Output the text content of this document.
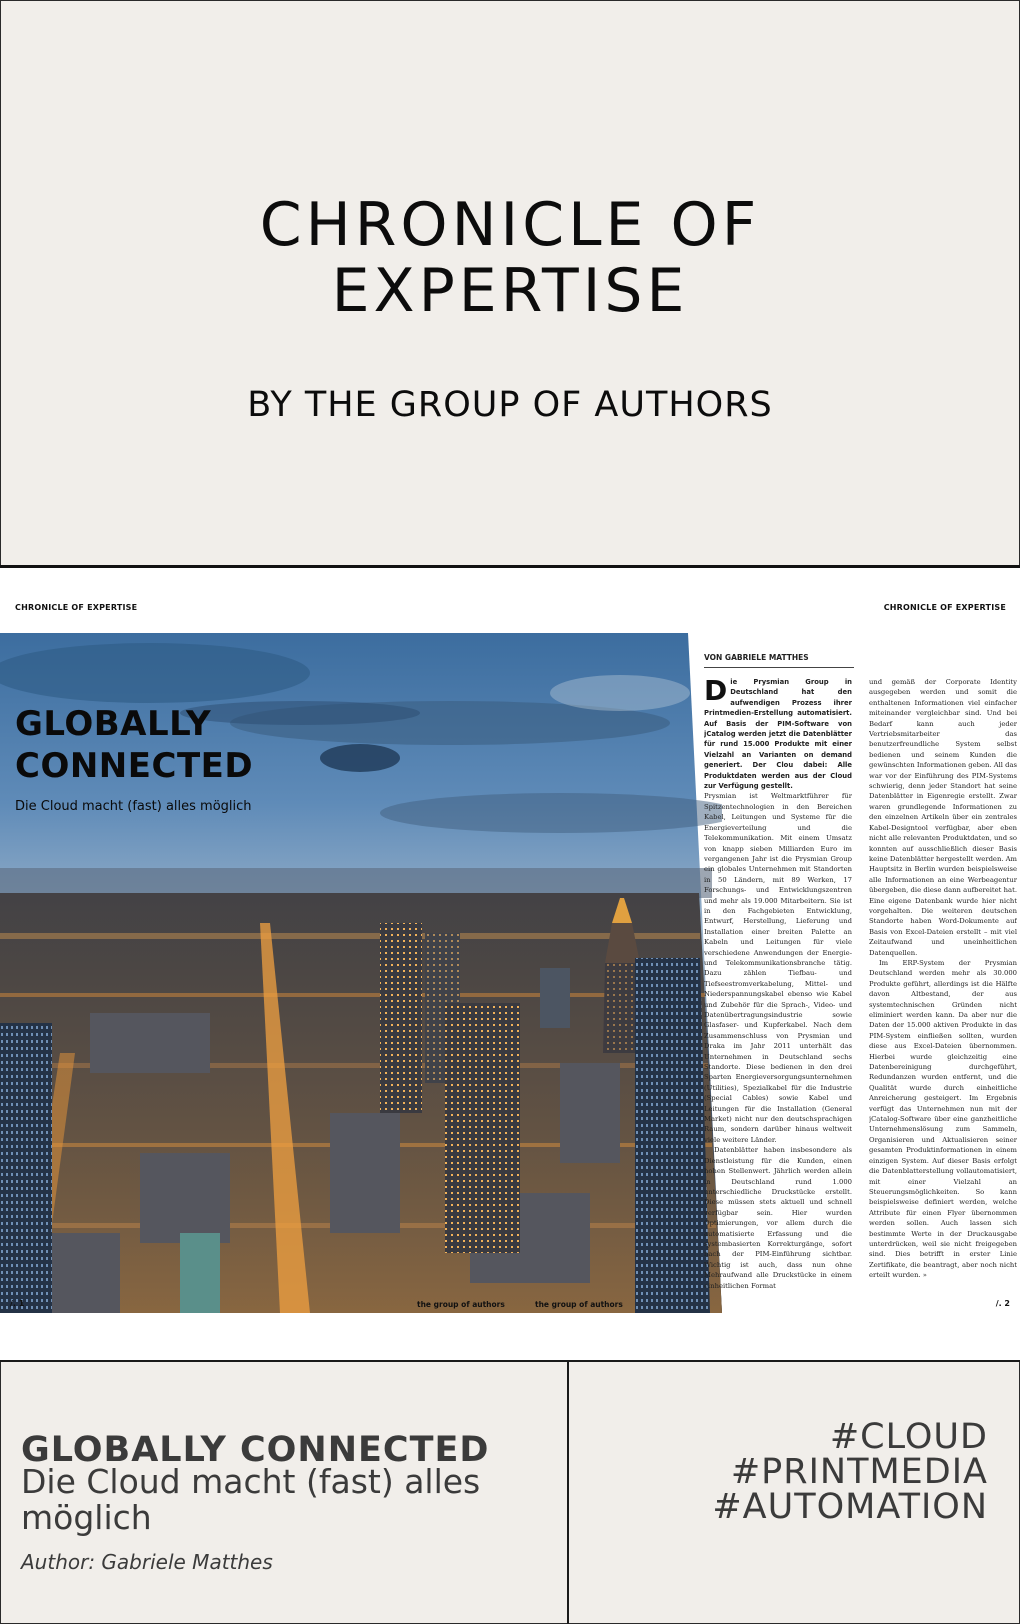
CHRONICLE OF
EXPERTISE
BY THE GROUP OF AUTHORS
CHRONICLE OF EXPERTISE	CHRONICLE OF EXPERTISE
GLOBALLY
CONNECTED
Die Cloud macht (fast) alles möglich
VON GABRIELE MATTHES

Die Prysmian Group in Deutschland hat den aufwendigen Prozess ihrer Printmedien-Erstellung automatisiert. Auf Basis der PIM-Software von jCatalog werden jetzt die Datenblätter für rund 15.000 Produkte mit einer Vielzahl an Varianten on demand generiert. Der Clou dabei: Alle Produktdaten werden aus der Cloud zur Verfügung gestellt.

Prysmian ist Weltmarktführer für Spitzentechnologien in den Bereichen Kabel, Leitungen und Systeme für die Energieverteilung und die Telekommunikation. Mit einem Umsatz von knapp sieben Milliarden Euro im vergangenen Jahr ist die Prysmian Group ein globales Unternehmen mit Standorten in 50 Ländern, mit 89 Werken, 17 Forschungs- und Entwicklungszentren und mehr als 19.000 Mitarbeitern. Sie ist in den Fachgebieten Entwicklung, Entwurf, Herstellung, Lieferung und Installation einer breiten Palette an Kabeln und Leitungen für viele verschiedene Anwendungen der Energie- und Telekommunikationsbranche tätig. Dazu zählen Tiefbau- und Tiefseestromverkabelung, Mittel- und Niederspannungskabel ebenso wie Kabel und Zubehör für die Sprach-, Video- und Datenübertragungsindustrie sowie Glasfaser- und Kupferkabel. Nach dem Zusammenschluss von Prysmian und Draka im Jahr 2011 unterhält das Unternehmen in Deutschland sechs Standorte. Diese bedienen in den drei Sparten Energieversorgungsunternehmen (Utilities), Spezialkabel für die Industrie (Special Cables) sowie Kabel und Leitungen für die Installation (General Market) nicht nur den deutschsprachigen Raum, sondern darüber hinaus weltweit viele weitere Länder.

Datenblätter haben insbesondere als Dienstleistung für die Kunden, einen hohen Stellenwert. Jährlich werden allein in Deutschland rund 1.000 unterschiedliche Druckstücke erstellt. Diese müssen stets aktuell und schnell verfügbar sein. Hier wurden Optimierungen, vor allem durch die automatisierte Erfassung und die systembasierten Korrekturgänge, sofort nach der PIM-Einführung sichtbar. Wichtig ist auch, dass nun ohne Mehraufwand alle Druckstücke in einem einheitlichen Format

und gemäß der Corporate Identity ausgegeben werden und somit die enthaltenen Informationen viel einfacher miteinander vergleichbar sind. Und bei Bedarf kann auch jeder Vertriebsmitarbeiter das benutzerfreundliche System selbst bedienen und seinem Kunden die gewünschten Informationen geben. All das war vor der Einführung des PIM-Systems schwierig, denn jeder Standort hat seine Datenblätter in Eigenregie erstellt. Zwar waren grundlegende Informationen zu den einzelnen Artikeln über ein zentrales Kabel-Designtool verfügbar, aber eben nicht alle relevanten Produktdaten, und so konnten auf ausschließlich dieser Basis keine Datenblätter hergestellt werden. Am Hauptsitz in Berlin wurden beispielsweise alle Informationen an eine Werbeagentur übergeben, die diese dann aufbereitet hat. Eine eigene Datenbank wurde hier nicht vorgehalten. Die weiteren deutschen Standorte haben Word-Dokumente auf Basis von Excel-Dateien erstellt – mit viel Zeitaufwand und uneinheitlichen Datenquellen.

Im ERP-System der Prysmian Deutschland werden mehr als 30.000 Produkte geführt, allerdings ist die Hälfte davon Altbestand, der aus systemtechnischen Gründen nicht eliminiert werden kann. Da aber nur die Daten der 15.000 aktiven Produkte in das PIM-System einfließen sollten, wurden diese aus Excel-Dateien übernommen. Hierbei wurde gleichzeitig eine Datenbereinigung durchgeführt, Redundanzen wurden entfernt, und die Qualität wurde durch einheitliche Anreicherung gesteigert. Im Ergebnis verfügt das Unternehmen nun mit der jCatalog-Software über eine ganzheitliche Unternehmenslösung zum Sammeln, Organisieren und Aktualisieren seiner gesamten Produktinformationen in einem einzigen System. Auf dieser Basis erfolgt die Datenblatterstellung vollautomatisiert, mit einer Vielzahl an Steuerungsmöglichkeiten. So kann beispielsweise definiert werden, welche Attribute für einen Flyer übernommen werden sollen. Auch lassen sich bestimmte Werte in der Druckausgabe unterdrücken, weil sie nicht freigegeben sind. Dies betrifft in erster Linie Zertifikate, die beantragt, aber noch nicht erteilt wurden. »

/. 1	the group of authors	the group of authors	/. 2
GLOBALLY CONNECTED

Die Cloud macht (fast) alles möglich

Author: Gabriele Matthes
#CLOUD
#PRINTMEDIA
#AUTOMATION
